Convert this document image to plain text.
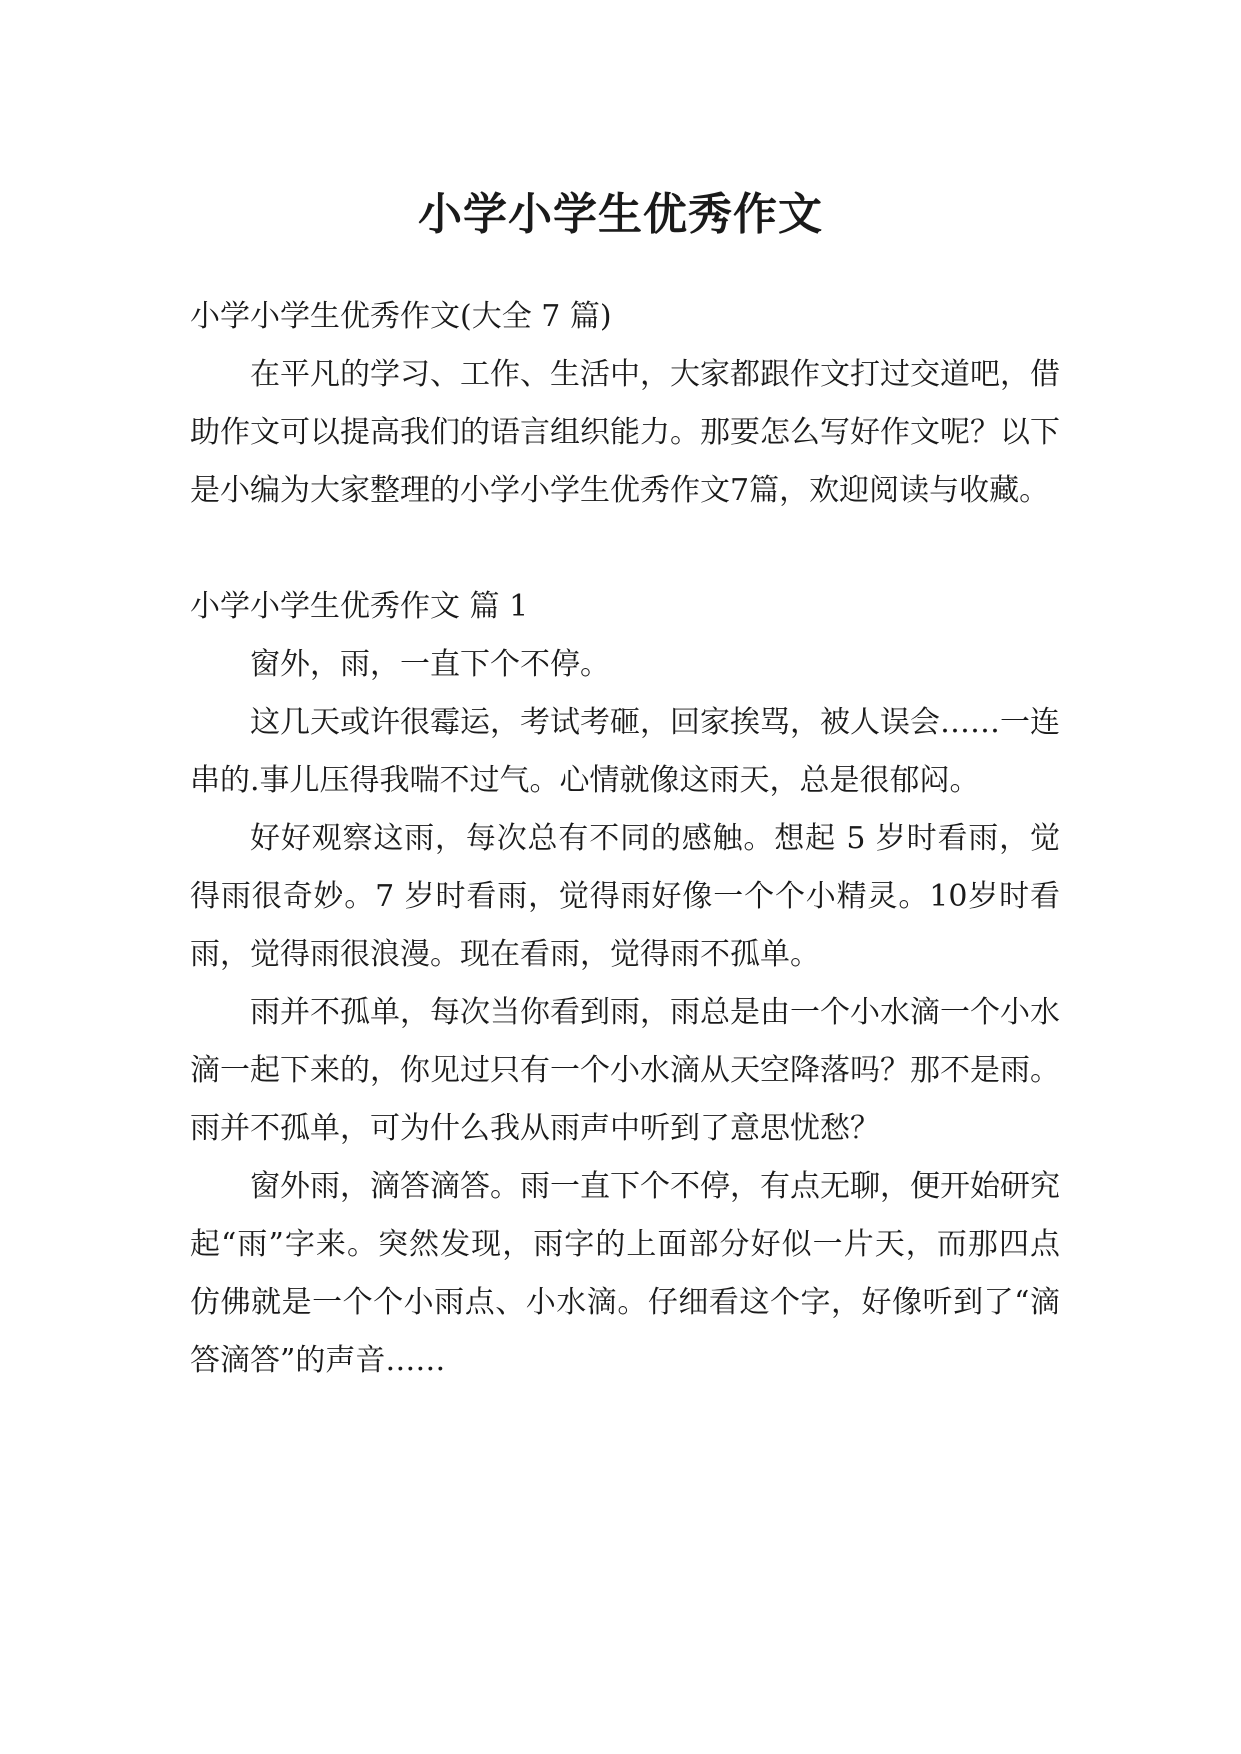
小学小学生优秀作文

小学小学生优秀作文(大全 7 篇)

在平凡的学习、工作、生活中，大家都跟作文打过交道吧，借助作文可以提高我们的语言组织能力。那要怎么写好作文呢？以下是小编为大家整理的小学小学生优秀作文7篇，欢迎阅读与收藏。

小学小学生优秀作文 篇 1

窗外，雨，一直下个不停。

这几天或许很霉运，考试考砸，回家挨骂，被人误会……一连串的.事儿压得我喘不过气。心情就像这雨天，总是很郁闷。

好好观察这雨，每次总有不同的感触。想起 5 岁时看雨，觉得雨很奇妙。7 岁时看雨，觉得雨好像一个个小精灵。10岁时看雨，觉得雨很浪漫。现在看雨，觉得雨不孤单。

雨并不孤单，每次当你看到雨，雨总是由一个小水滴一个小水滴一起下来的，你见过只有一个小水滴从天空降落吗？那不是雨。雨并不孤单，可为什么我从雨声中听到了意思忧愁？

窗外雨，滴答滴答。雨一直下个不停，有点无聊，便开始研究起“雨”字来。突然发现，雨字的上面部分好似一片天，而那四点仿佛就是一个个小雨点、小水滴。仔细看这个字，好像听到了“滴答滴答”的声音……
